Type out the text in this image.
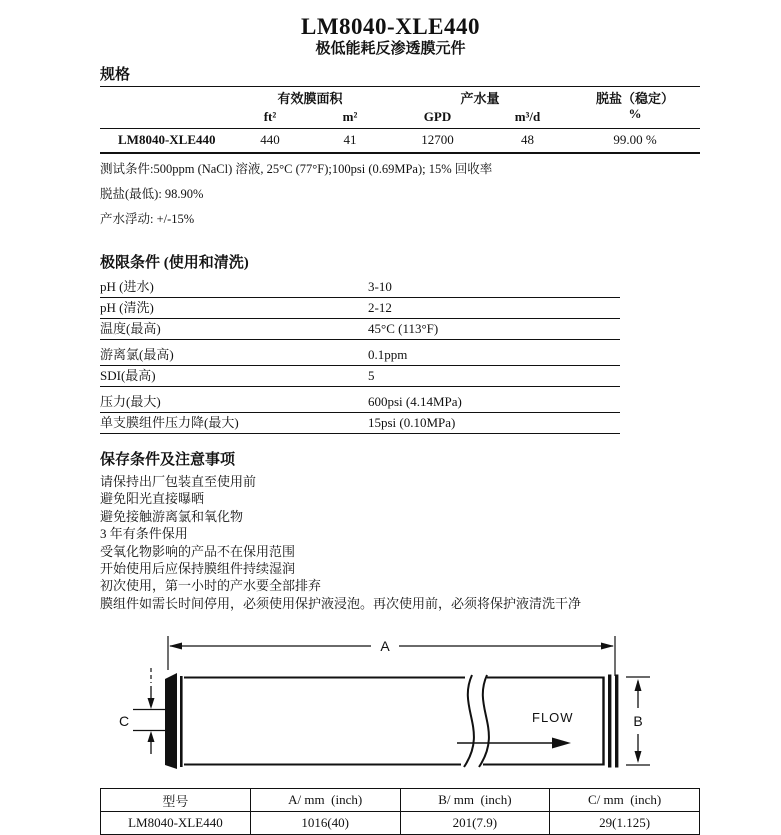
LM8040-XLE440
极低能耗反渗透膜元件
规格
	有效膜面积		产水量		脱盐（稳定）
	ft²	m²	GPD	m³/d	%
LM8040-XLE440	440	41	12700	48	99.00 %
测试条件:500ppm (NaCl) 溶液, 25°C (77°F);100psi (0.69MPa); 15% 回收率
脱盐(最低): 98.90%
产水浮动: +/-15%
极限条件 (使用和清洗)
pH (进水)	3-10
pH (清洗)	2-12
温度(最高)	45°C (113°F)
游离氯(最高)	0.1ppm
SDI(最高)	5
压力(最大)	600psi (4.14MPa)
单支膜组件压力降(最大)	15psi (0.10MPa)
保存条件及注意事项
请保持出厂包装直至使用前
避免阳光直接曝晒
避免接触游离氯和氧化物
3 年有条件保用
受氧化物影响的产品不在保用范围
开始使用后应保持膜组件持续湿润
初次使用，第一小时的产水要全部排弃
膜组件如需长时间停用，必须使用保护液浸泡。再次使用前，必须将保护液清洗干净
A
FLOW	B
C
型号	A/ mm  (inch)	B/ mm  (inch)	C/ mm  (inch)
LM8040-XLE440	1016(40)	201(7.9)	29(1.125)
